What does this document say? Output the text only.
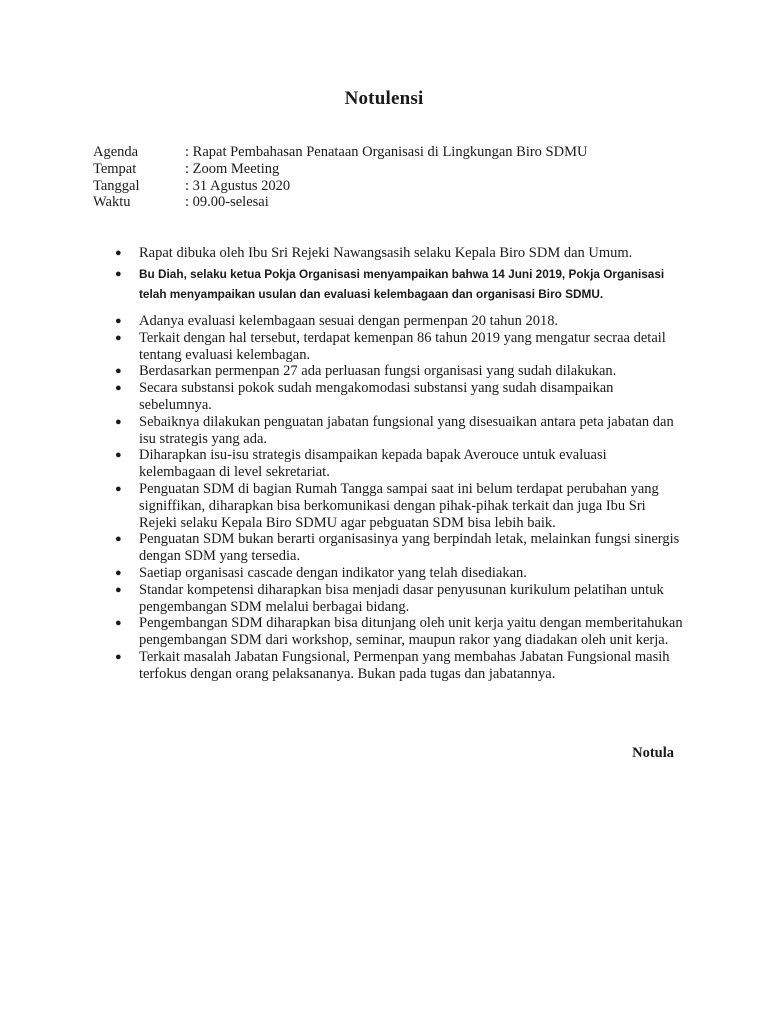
Notulensi
Agenda	: Rapat Pembahasan Penataan Organisasi di Lingkungan Biro SDMU
Tempat	: Zoom Meeting
Tanggal	: 31 Agustus 2020
Waktu	: 09.00-selesai
● Rapat dibuka oleh Ibu Sri Rejeki Nawangsasih selaku Kepala Biro SDM dan Umum.
● Bu Diah, selaku ketua Pokja Organisasi menyampaikan bahwa 14 Juni 2019, Pokja Organisasi telah menyampaikan usulan dan evaluasi kelembagaan dan organisasi Biro SDMU.
● Adanya evaluasi kelembagaan sesuai dengan permenpan 20 tahun 2018.
● Terkait dengan hal tersebut, terdapat kemenpan 86 tahun 2019 yang mengatur secraa detail tentang evaluasi kelembagan.
● Berdasarkan permenpan 27 ada perluasan fungsi organisasi yang sudah dilakukan.
● Secara substansi pokok sudah mengakomodasi substansi yang sudah disampaikan sebelumnya.
● Sebaiknya dilakukan penguatan jabatan fungsional yang disesuaikan antara peta jabatan dan isu strategis yang ada.
● Diharapkan isu-isu strategis disampaikan kepada bapak Averouce untuk evaluasi kelembagaan di level sekretariat.
● Penguatan SDM di bagian Rumah Tangga sampai saat ini belum terdapat perubahan yang signiffikan, diharapkan bisa berkomunikasi dengan pihak-pihak terkait dan juga Ibu Sri Rejeki selaku Kepala Biro SDMU agar pebguatan SDM bisa lebih baik.
● Penguatan SDM bukan berarti organisasinya yang berpindah letak, melainkan fungsi sinergis dengan SDM yang tersedia.
● Saetiap organisasi cascade dengan indikator yang telah disediakan.
● Standar kompetensi diharapkan bisa menjadi dasar penyusunan kurikulum pelatihan untuk pengembangan SDM melalui berbagai bidang.
● Pengembangan SDM diharapkan bisa ditunjang oleh unit kerja yaitu dengan memberitahukan pengembangan SDM dari workshop, seminar, maupun rakor yang diadakan oleh unit kerja.
● Terkait masalah Jabatan Fungsional, Permenpan yang membahas Jabatan Fungsional masih terfokus dengan orang pelaksananya. Bukan pada tugas dan jabatannya.
Notula
